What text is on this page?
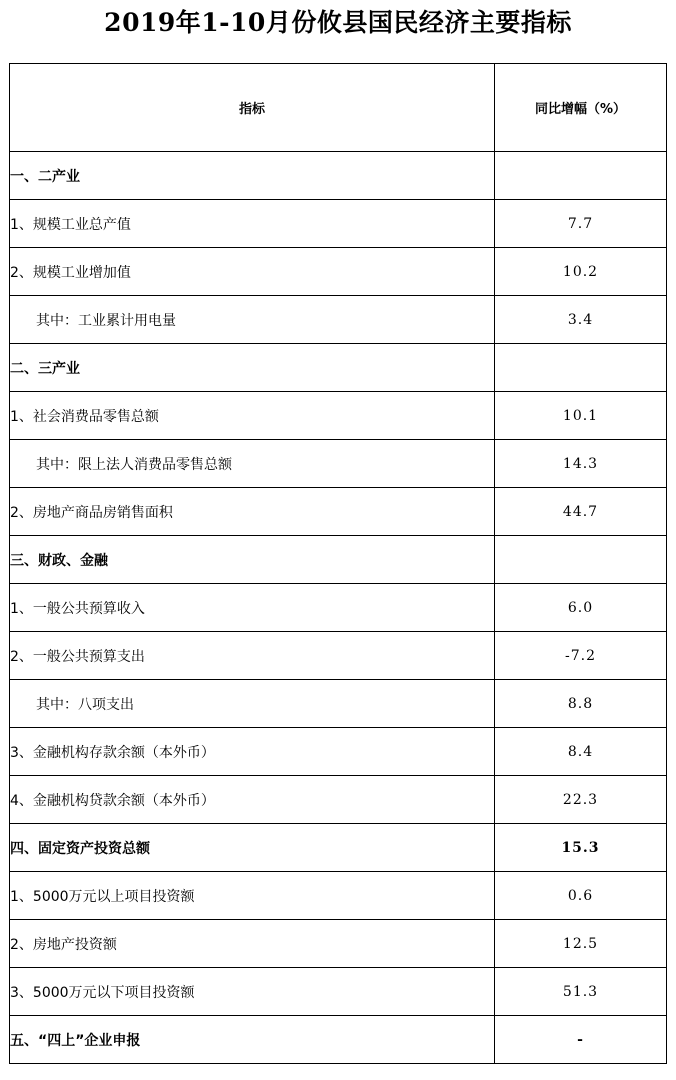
2019年1-10月份攸县国民经济主要指标
指标	同比增幅（%）
一、二产业	
1、规模工业总产值	7.7
2、规模工业增加值	10.2
其中：工业累计用电量	3.4
二、三产业	
1、社会消费品零售总额	10.1
其中：限上法人消费品零售总额	14.3
2、房地产商品房销售面积	44.7
三、财政、金融	
1、一般公共预算收入	6.0
2、一般公共预算支出	-7.2
其中：八项支出	8.8
3、金融机构存款余额（本外币）	8.4
4、金融机构贷款余额（本外币）	22.3
四、固定资产投资总额	15.3
1、5000万元以上项目投资额	0.6
2、房地产投资额	12.5
3、5000万元以下项目投资额	51.3
五、“四上”企业申报	-
